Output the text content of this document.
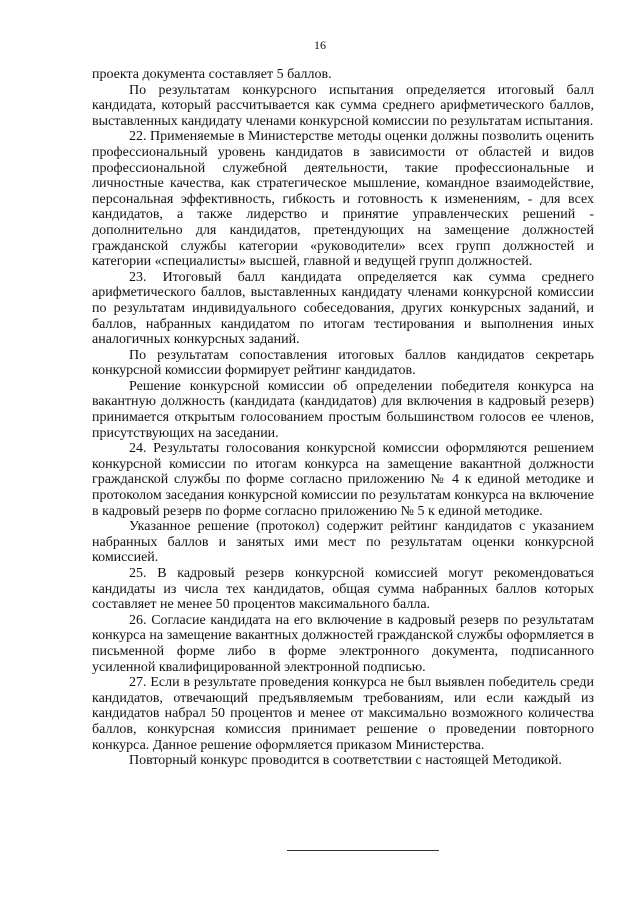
16

проекта документа составляет 5 баллов.

По результатам конкурсного испытания определяется итоговый балл кандидата, который рассчитывается как сумма среднего арифметического баллов, выставленных кандидату членами конкурсной комиссии по результатам испытания.

22. Применяемые в Министерстве методы оценки должны позволить оценить профессиональный уровень кандидатов в зависимости от областей и видов профессиональной служебной деятельности, такие профессиональные и личностные качества, как стратегическое мышление, командное взаимодействие, персональная эффективность, гибкость и готовность к изменениям, - для всех кандидатов, а также лидерство и принятие управленческих решений - дополнительно для кандидатов, претендующих на замещение должностей гражданской службы категории «руководители» всех групп должностей и категории «специалисты» высшей, главной и ведущей групп должностей.

23. Итоговый балл кандидата определяется как сумма среднего арифметического баллов, выставленных кандидату членами конкурсной комиссии по результатам индивидуального собеседования, других конкурсных заданий, и баллов, набранных кандидатом по итогам тестирования и выполнения иных аналогичных конкурсных заданий.

По результатам сопоставления итоговых баллов кандидатов секретарь конкурсной комиссии формирует рейтинг кандидатов.

Решение конкурсной комиссии об определении победителя конкурса на вакантную должность (кандидата (кандидатов) для включения в кадровый резерв) принимается открытым голосованием простым большинством голосов ее членов, присутствующих на заседании.

24. Результаты голосования конкурсной комиссии оформляются решением конкурсной комиссии по итогам конкурса на замещение вакантной должности гражданской службы по форме согласно приложению № 4 к единой методике и протоколом заседания конкурсной комиссии по результатам конкурса на включение в кадровый резерв по форме согласно приложению № 5 к единой методике.

Указанное решение (протокол) содержит рейтинг кандидатов с указанием набранных баллов и занятых ими мест по результатам оценки конкурсной комиссией.

25. В кадровый резерв конкурсной комиссией могут рекомендоваться кандидаты из числа тех кандидатов, общая сумма набранных баллов которых составляет не менее 50 процентов максимального балла.

26. Согласие кандидата на его включение в кадровый резерв по результатам конкурса на замещение вакантных должностей гражданской службы оформляется в письменной форме либо в форме электронного документа, подписанного усиленной квалифицированной электронной подписью.

27. Если в результате проведения конкурса не был выявлен победитель среди кандидатов, отвечающий предъявляемым требованиям, или если каждый из кандидатов набрал 50 процентов и менее от максимально возможного количества баллов, конкурсная комиссия принимает решение о проведении повторного конкурса. Данное решение оформляется приказом Министерства.

Повторный конкурс проводится в соответствии с настоящей Методикой.
